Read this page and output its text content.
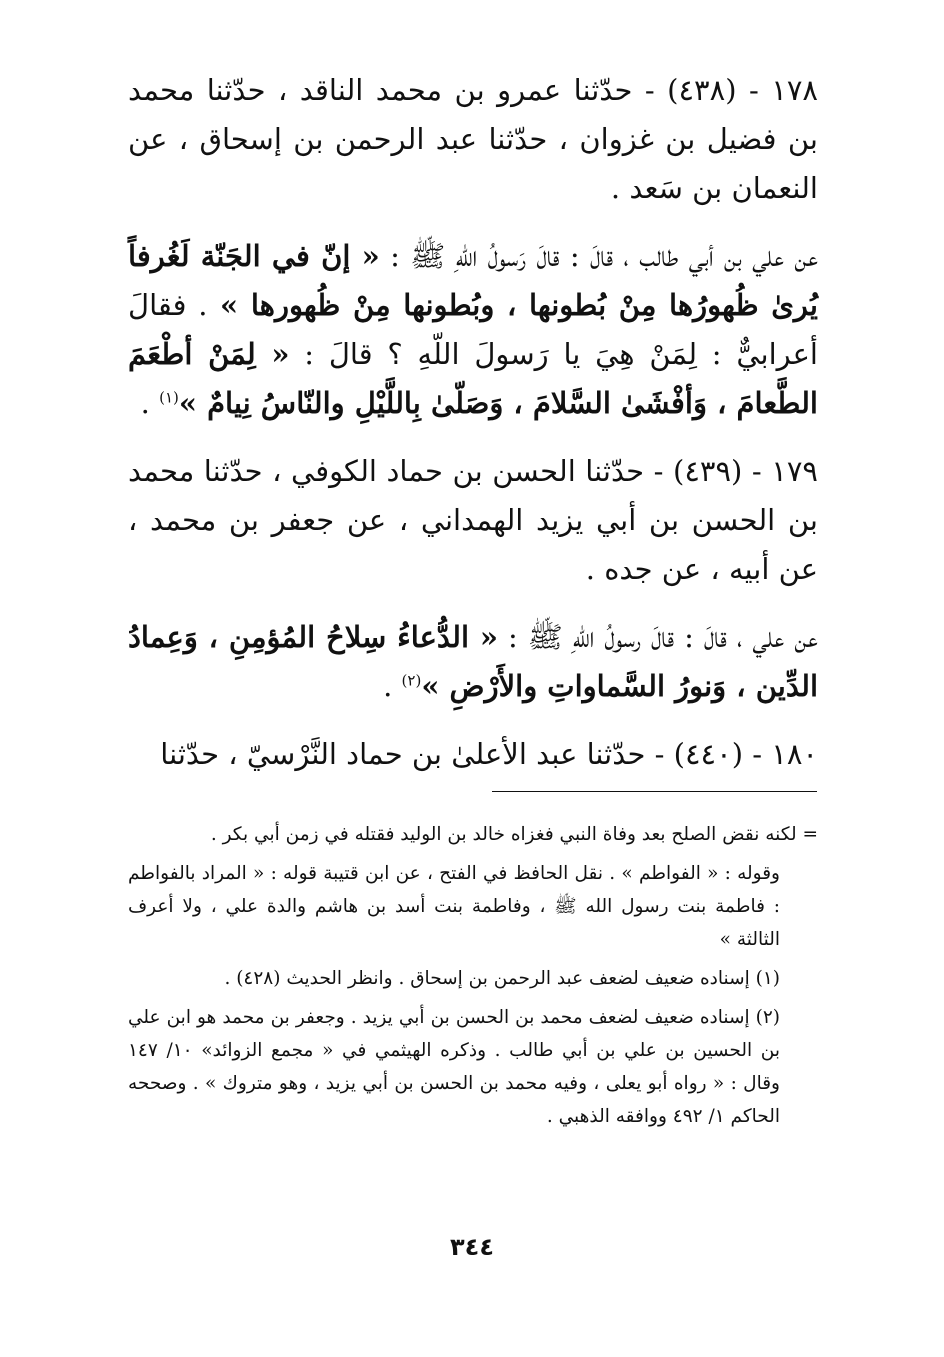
١٧٨ - (٤٣٨) - حدّثنا عمرو بن محمد الناقد ، حدّثنا محمد بن فضيل بن غزوان ، حدّثنا عبد الرحمن بن إسحاق ، عن النعمان بن سَعد .

عن علي بن أبي طالب ، قالَ : قالَ رَسولُ اللّهِ ﷺ : « إنّ في الجَنّة لَغُرفاً يُرىٰ ظُهورُها مِنْ بُطونها ، وبُطونها مِنْ ظُهورها » . فقالَ أعرابيٌّ : لِمَنْ هِيَ يا رَسولَ اللّهِ ؟ قالَ : « لِمَنْ أطْعَمَ الطَّعامَ ، وَأفْشَىٰ السَّلامَ ، وَصَلّىٰ بِاللَّيْلِ والنّاسُ نِيامٌ »$^{(١)}$ .

١٧٩ - (٤٣٩) - حدّثنا الحسن بن حماد الكوفي ، حدّثنا محمد بن الحسن بن أبي يزيد الهمداني ، عن جعفر بن محمد ، عن أبيه ، عن جده .

عن علي ، قالَ : قالَ رسولُ اللّهِ ﷺ : « الدُّعاءُ سِلاحُ المُؤمِنِ ، وَعِمادُ الدِّين ، وَنورُ السَّماواتِ والأَرْضِ »$^{(٢)}$ .

١٨٠ - (٤٤٠) - حدّثنا عبد الأعلىٰ بن حماد النَّرْسيّ ، حدّثنا

= لكنه نقض الصلح بعد وفاة النبي فغزاه خالد بن الوليد فقتله في زمن أبي بكر .

وقوله : « الفواطم » . نقل الحافظ في الفتح ، عن ابن قتيبة قوله : « المراد بالفواطم : فاطمة بنت رسول الله ﷺ ، وفاطمة بنت أسد بن هاشم والدة علي ، ولا أعرف الثالثة »

(١) إسناده ضعيف لضعف عبد الرحمن بن إسحاق . وانظر الحديث (٤٢٨) .

(٢) إسناده ضعيف لضعف محمد بن الحسن بن أبي يزيد . وجعفر بن محمد هو ابن علي بن الحسين بن علي بن أبي طالب . وذكره الهيثمي في « مجمع الزوائد» ١٠/ ١٤٧ وقال : « رواه أبو يعلى ، وفيه محمد بن الحسن بن أبي يزيد ، وهو متروك » . وصححه الحاكم ١/ ٤٩٢ ووافقه الذهبي .

٣٤٤
